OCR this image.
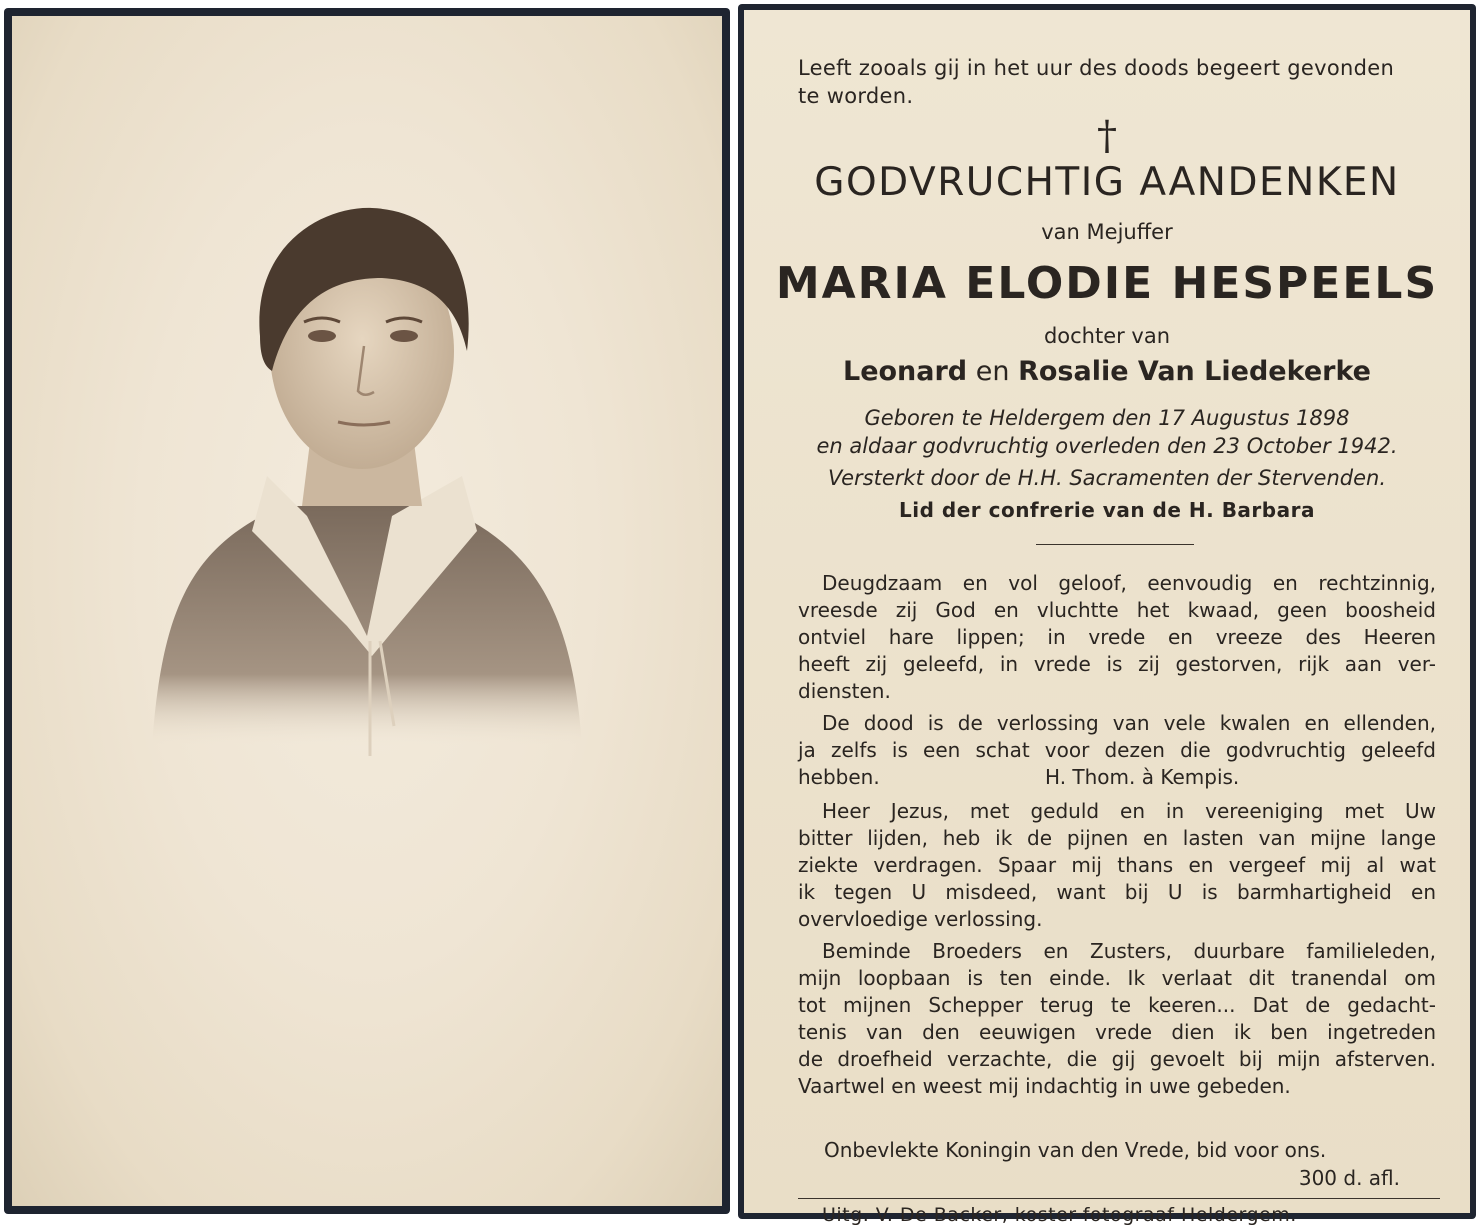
Leeft zooals gij in het uur des doods begeert gevonden
te worden.
†
GODVRUCHTIG AANDENKEN
van Mejuffer
MARIA ELODIE HESPEELS
dochter van
Leonard en Rosalie Van Liedekerke
Geboren te Heldergem den 17 Augustus 1898
en aldaar godvruchtig overleden den 23 October 1942.
Versterkt door de H.H. Sacramenten der Stervenden.
Lid der confrerie van de H. Barbara
Deugdzaam en vol geloof, eenvoudig en rechtzinnig,
vreesde zij God en vluchtte het kwaad, geen boosheid
ontviel hare lippen; in vrede en vreeze des Heeren
heeft zij geleefd, in vrede is zij gestorven, rijk aan ver-
diensten.
De dood is de verlossing van vele kwalen en ellenden,
ja zelfs is een schat voor dezen die godvruchtig geleefd
hebben.                          H. Thom. à Kempis.
Heer Jezus, met geduld en in vereeniging met Uw
bitter lijden, heb ik de pijnen en lasten van mijne lange
ziekte verdragen. Spaar mij thans en vergeef mij al wat
ik tegen U misdeed, want bij U is barmhartigheid en
overvloedige verlossing.
Beminde Broeders en Zusters, duurbare familieleden,
mijn loopbaan is ten einde. Ik verlaat dit tranendal om
tot mijnen Schepper terug te keeren... Dat de gedacht-
tenis van den eeuwigen vrede dien ik ben ingetreden
de droefheid verzachte, die gij gevoelt bij mijn afsterven.
Vaartwel en weest mij indachtig in uwe gebeden.
Onbevlekte Koningin van den Vrede, bid voor ons.
300 d. afl.
Uitg. V. De Backer, koster-fotograaf Heldergem.
